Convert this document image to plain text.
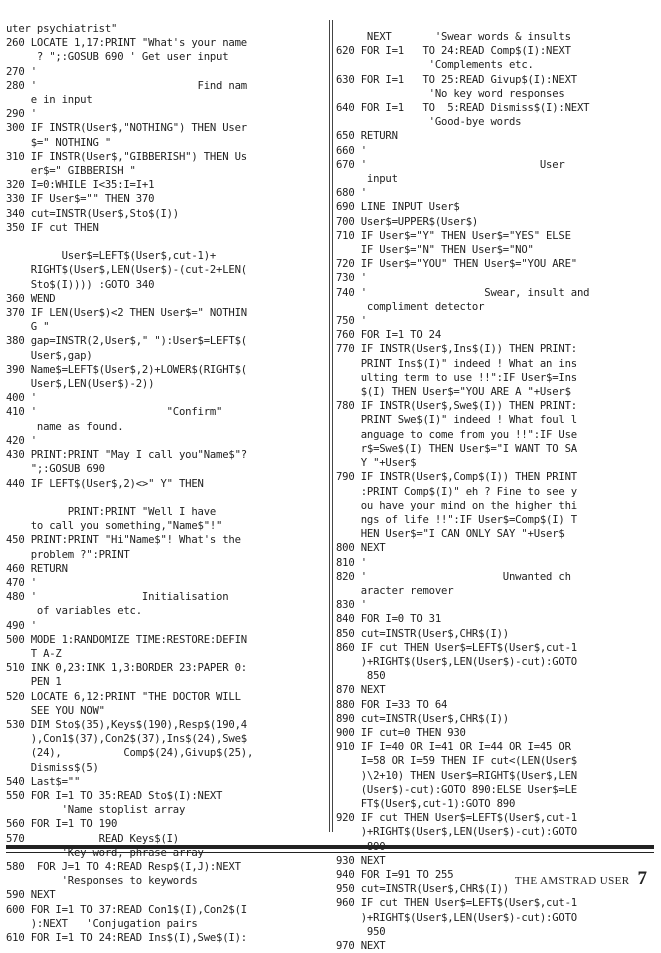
uter psychiatrist"
260 LOCATE 1,17:PRINT "What's your name
? ";:GOSUB 690 ' Get user input
270 '
280 '                          Find nam
e in input
290 '
300 IF INSTR(User$,"NOTHING") THEN User
$=" NOTHING "
310 IF INSTR(User$,"GIBBERISH") THEN Us
er$=" GIBBERISH "
320 I=0:WHILE I<35:I=I+1
330 IF User$="" THEN 370
340 cut=INSTR(User$,Sto$(I))
350 IF cut THEN

User$=LEFT$(User$,cut-1)+
RIGHT$(User$,LEN(User$)-(cut-2+LEN(
Sto$(I)))) :GOTO 340
360 WEND
370 IF LEN(User$)<2 THEN User$=" NOTHIN
G "
380 gap=INSTR(2,User$," "):User$=LEFT$(
User$,gap)
390 Name$=LEFT$(User$,2)+LOWER$(RIGHT$(
User$,LEN(User$)-2))
400 '
410 '                     "Confirm"
name as found.
420 '
430 PRINT:PRINT "May I call you"Name$"?
";:GOSUB 690
440 IF LEFT$(User$,2)<>" Y" THEN

PRINT:PRINT "Well I have
to call you something,"Name$"!"
450 PRINT:PRINT "Hi"Name$"! What's the
problem ?":PRINT
460 RETURN
470 '
480 '                 Initialisation
of variables etc.
490 '
500 MODE 1:RANDOMIZE TIME:RESTORE:DEFIN
T A-Z
510 INK 0,23:INK 1,3:BORDER 23:PAPER 0:
PEN 1
520 LOCATE 6,12:PRINT "THE DOCTOR WILL
SEE YOU NOW"
530 DIM Sto$(35),Keys$(190),Resp$(190,4
),Con1$(37),Con2$(37),Ins$(24),Swe$
(24),          Comp$(24),Givup$(25),
Dismiss$(5)
540 Last$=""
550 FOR I=1 TO 35:READ Sto$(I):NEXT
'Name stoplist array
560 FOR I=1 TO 190
570            READ Keys$(I)
580  FOR J=1 TO 4:READ Resp$(I,J):NEXT
'Responses to keywords
590 NEXT
600 FOR I=1 TO 37:READ Con1$(I),Con2$(I
):NEXT   'Conjugation pairs
610 FOR I=1 TO 24:READ Ins$(I),Swe$(I):
NEXT       'Swear words & insults
620 FOR I=1   TO 24:READ Comp$(I):NEXT
'Complements etc.
630 FOR I=1   TO 25:READ Givup$(I):NEXT
'No key word responses
640 FOR I=1   TO  5:READ Dismiss$(I):NEXT
'Good-bye words
650 RETURN
660 '
670 '                            User
input
680 '
690 LINE INPUT User$
700 User$=UPPER$(User$)
710 IF User$="Y" THEN User$="YES" ELSE
IF User$="N" THEN User$="NO"
720 IF User$="YOU" THEN User$="YOU ARE"
730 '
740 '                   Swear, insult and
compliment detector
750 '
760 FOR I=1 TO 24
770 IF INSTR(User$,Ins$(I)) THEN PRINT:
PRINT Ins$(I)" indeed ! What an ins
ulting term to use !!":IF User$=Ins
$(I) THEN User$="YOU ARE A "+User$
780 IF INSTR(User$,Swe$(I)) THEN PRINT:
PRINT Swe$(I)" indeed ! What foul l
anguage to come from you !!":IF Use
r$=Swe$(I) THEN User$="I WANT TO SA
Y "+User$
790 IF INSTR(User$,Comp$(I)) THEN PRINT
:PRINT Comp$(I)" eh ? Fine to see y
ou have your mind on the higher thi
ngs of life !!":IF User$=Comp$(I) T
HEN User$="I CAN ONLY SAY "+User$
800 NEXT
810 '
820 '                      Unwanted ch
aracter remover
830 '
840 FOR I=0 TO 31
850 cut=INSTR(User$,CHR$(I))
860 IF cut THEN User$=LEFT$(User$,cut-1
)+RIGHT$(User$,LEN(User$)-cut):GOTO
850
870 NEXT
880 FOR I=33 TO 64
890 cut=INSTR(User$,CHR$(I))
900 IF cut=0 THEN 930
910 IF I=40 OR I=41 OR I=44 OR I=45 OR
I=58 OR I=59 THEN IF cut<(LEN(User$
)\2+10) THEN User$=RIGHT$(User$,LEN
(User$)-cut):GOTO 890:ELSE User$=LE
FT$(User$,cut-1):GOTO 890
920 IF cut THEN User$=LEFT$(User$,cut-1
)+RIGHT$(User$,LEN(User$)-cut):GOTO
930 NEXT
940 FOR I=91 TO 255
950 cut=INSTR(User$,CHR$(I))
960 IF cut THEN User$=LEFT$(User$,cut-1
)+RIGHT$(User$,LEN(User$)-cut):GOTO
950
970 NEXT
THE AMSTRAD USER 7
